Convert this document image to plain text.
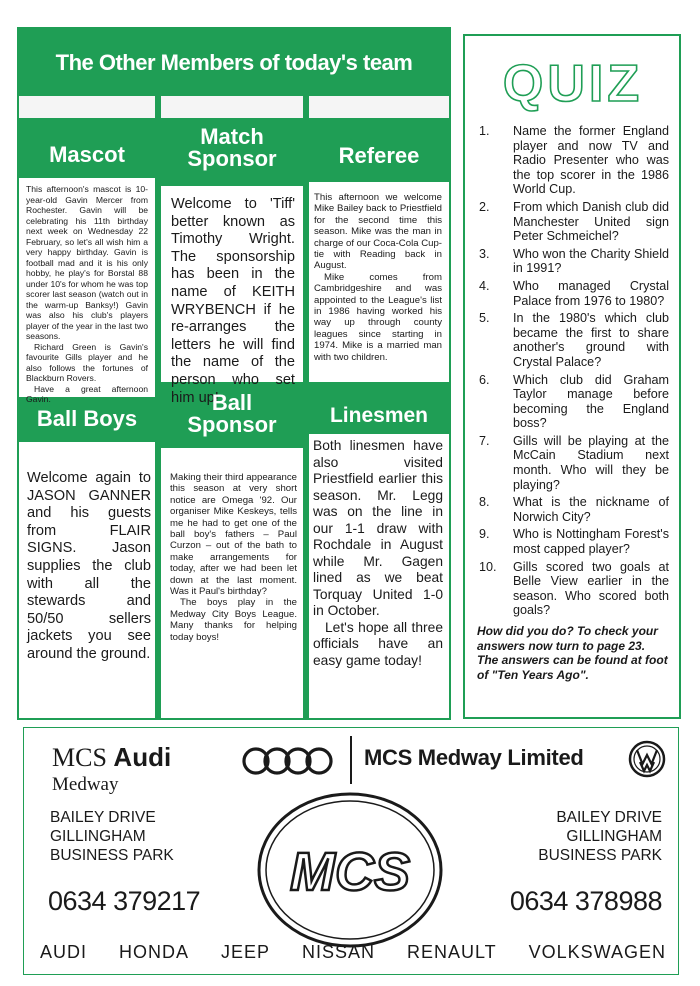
The Other Members of today's team
Mascot
Match
Sponsor	Referee

This afternoon's mascot is 10-year-old Gavin Mercer from Rochester. Gavin will be celebrating his 11th birthday next week on Wednesday 22 February, so let's all wish him a very happy birthday. Gavin is football mad and it is his only hobby, he play's for Borstal 88 under 10's for whom he was top scorer last season (watch out in the warm-up Banksy!) Gavin was also his club's players player of the year in the last two seasons.

Richard Green is Gavin's favourite Gills player and he also follows the fortunes of Blackburn Rovers.

Have a great afternoon Gavin.

Welcome to 'Tiff' better known as Timothy Wright. The sponsorship has been in the name of KEITH WRYBENCH if he re-arranges the letters he will find the name of the person who set him up!

This afternoon we welcome Mike Bailey back to Priestfield for the second time this season. Mike was the man in charge of our Coca-Cola Cup-tie with Reading back in August.

Mike comes from Cambridgeshire and was appointed to the League's list in 1986 having worked his way up through county leagues since starting in 1974. Mike is a married man with two children.

Ball Boys
Ball
Sponsor	Linesmen
Welcome again to JASON GANNER and his guests from FLAIR SIGNS. Jason supplies the club with all the stewards and 50/50 sellers jackets you see around the ground.

Making their third appearance this season at very short notice are Omega '92. Our organiser Mike Keskeys, tells me he had to get one of the ball boy's fathers – Paul Curzon – out of the bath to make arrangements for today, after we had been let down at the last moment. Was it Paul's birthday?

The boys play in the Medway City Boys League. Many thanks for helping today boys!

Both linesmen have also visited Priestfield earlier this season. Mr. Legg was on the line in our 1-1 draw with Rochdale in August while Mr. Gagen lined as we beat Torquay United 1-0 in October.

Let's hope all three officials have an easy game today!

QUIZ
1.	Name the former England player and now TV and Radio Presenter who was the top scorer in the 1986 World Cup.
2.	From which Danish club did Manchester United sign Peter Schmeichel?
3.	Who won the Charity Shield in 1991?
4.	Who managed Crystal Palace from 1976 to 1980?
5.	In the 1980's which club became the first to share another's ground with Crystal Palace?
6.	Which club did Graham Taylor manage before becoming the England boss?
7.	Gills will be playing at the McCain Stadium next month. Who will they be playing?
8.	What is the nickname of Norwich City?
9.	Who is Nottingham Forest's most capped player?
10.	Gills scored two goals at Belle View earlier in the season. Who scored both goals?
How did you do? To check your answers now turn to page 23. The answers can be found at foot of "Ten Years Ago".
MCS Audi
Medway
MCS Medway Limited
BAILEY DRIVE
GILLINGHAM
BUSINESS PARK
BAILEY DRIVE
GILLINGHAM
BUSINESS PARK
MCS
0634 379217	0634 378988
AUDI HONDA JEEP NISSAN RENAULT VOLKSWAGEN
